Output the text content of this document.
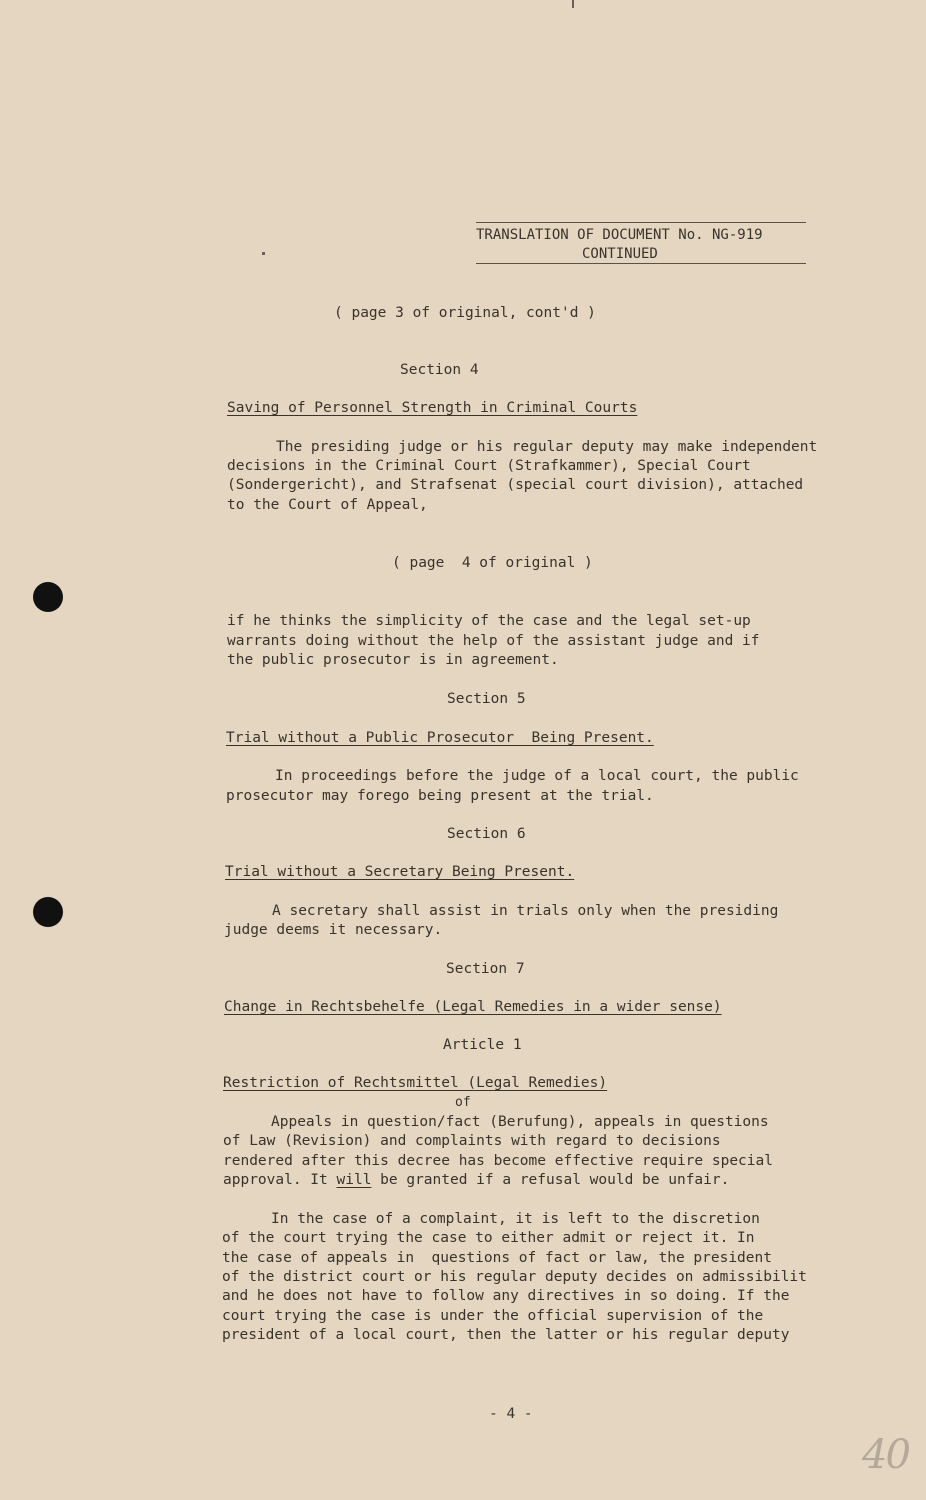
TRANSLATION OF DOCUMENT No. NG-919
CONTINUED
( page 3 of original, cont'd )
Section 4
Saving of Personnel Strength in Criminal Courts
The presiding judge or his regular deputy may make independent
decisions in the Criminal Court (Strafkammer), Special Court
(Sondergericht), and Strafsenat (special court division), attached
to the Court of Appeal,
( page  4 of original )
if he thinks the simplicity of the case and the legal set-up
warrants doing without the help of the assistant judge and if
the public prosecutor is in agreement.
Section 5
Trial without a Public Prosecutor  Being Present.
In proceedings before the judge of a local court, the public
prosecutor may forego being present at the trial.
Section 6
Trial without a Secretary Being Present.
A secretary shall assist in trials only when the presiding
judge deems it necessary.
Section 7
Change in Rechtsbehelfe (Legal Remedies in a wider sense)
Article 1
Restriction of Rechtsmittel (Legal Remedies)
of
Appeals in question/fact (Berufung), appeals in questions
of Law (Revision) and complaints with regard to decisions
rendered after this decree has become effective require special
approval. It will be granted if a refusal would be unfair.
In the case of a complaint, it is left to the discretion
of the court trying the case to either admit or reject it. In
the case of appeals in  questions of fact or law, the president
of the district court or his regular deputy decides on admissibilit
and he does not have to follow any directives in so doing. If the
court trying the case is under the official supervision of the
president of a local court, then the latter or his regular deputy
- 4 -
40
